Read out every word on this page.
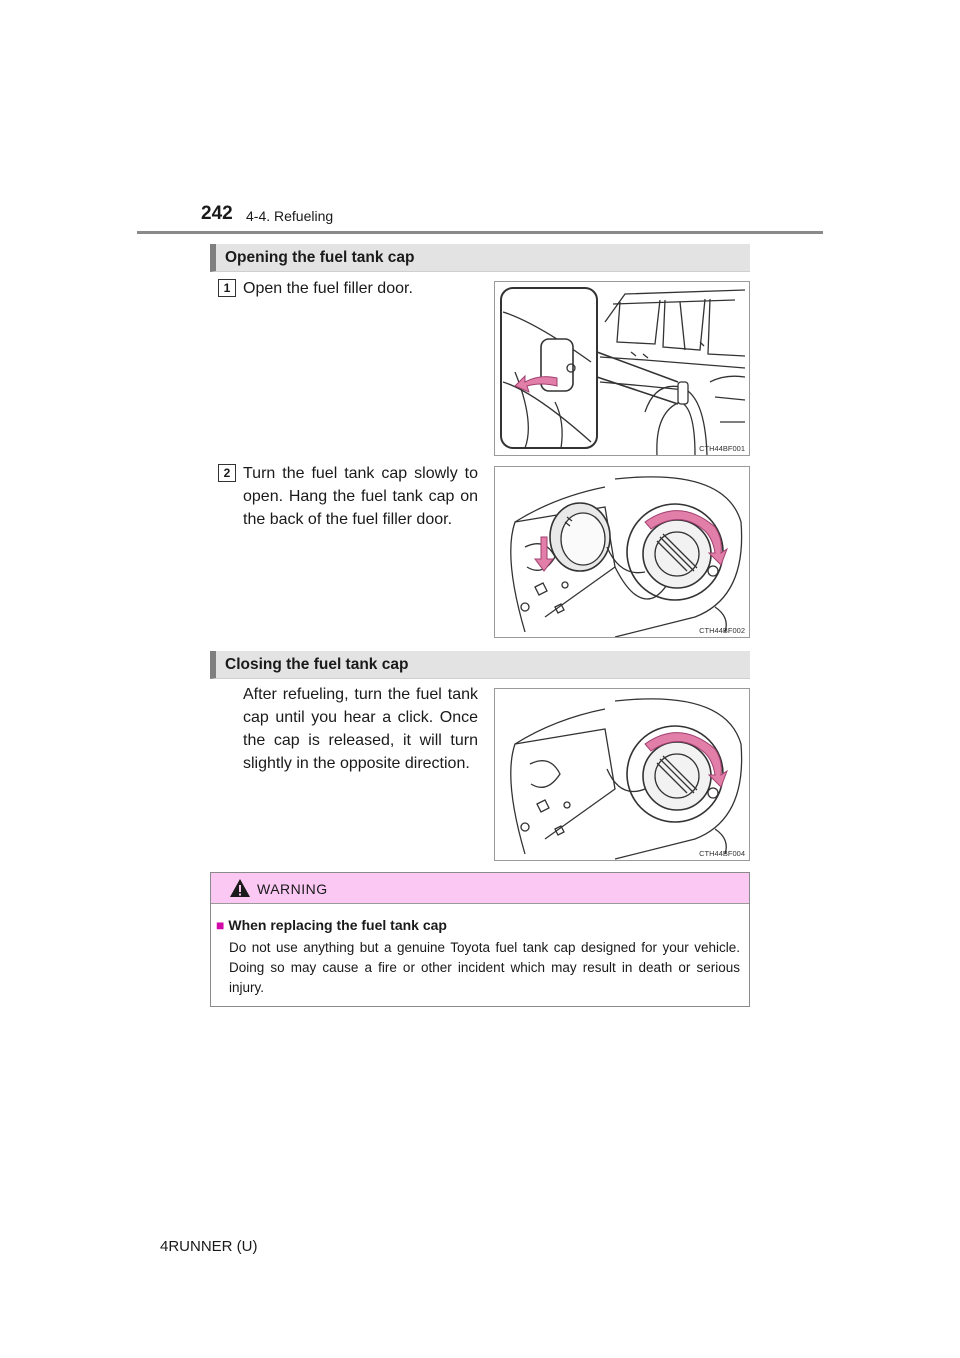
242 4-4. Refueling
Opening the fuel tank cap
1 Open the fuel filler door.
CTH44BF001
2 Turn the fuel tank cap slowly to open. Hang the fuel tank cap on the back of the fuel filler door.
CTH44BF002
Closing the fuel tank cap
After refueling, turn the fuel tank cap until you hear a click. Once the cap is released, it will turn slightly in the opposite direction.
CTH44BF004
WARNING
■ When replacing the fuel tank cap
Do not use anything but a genuine Toyota fuel tank cap designed for your vehicle. Doing so may cause a fire or other incident which may result in death or serious injury.
4RUNNER (U)
